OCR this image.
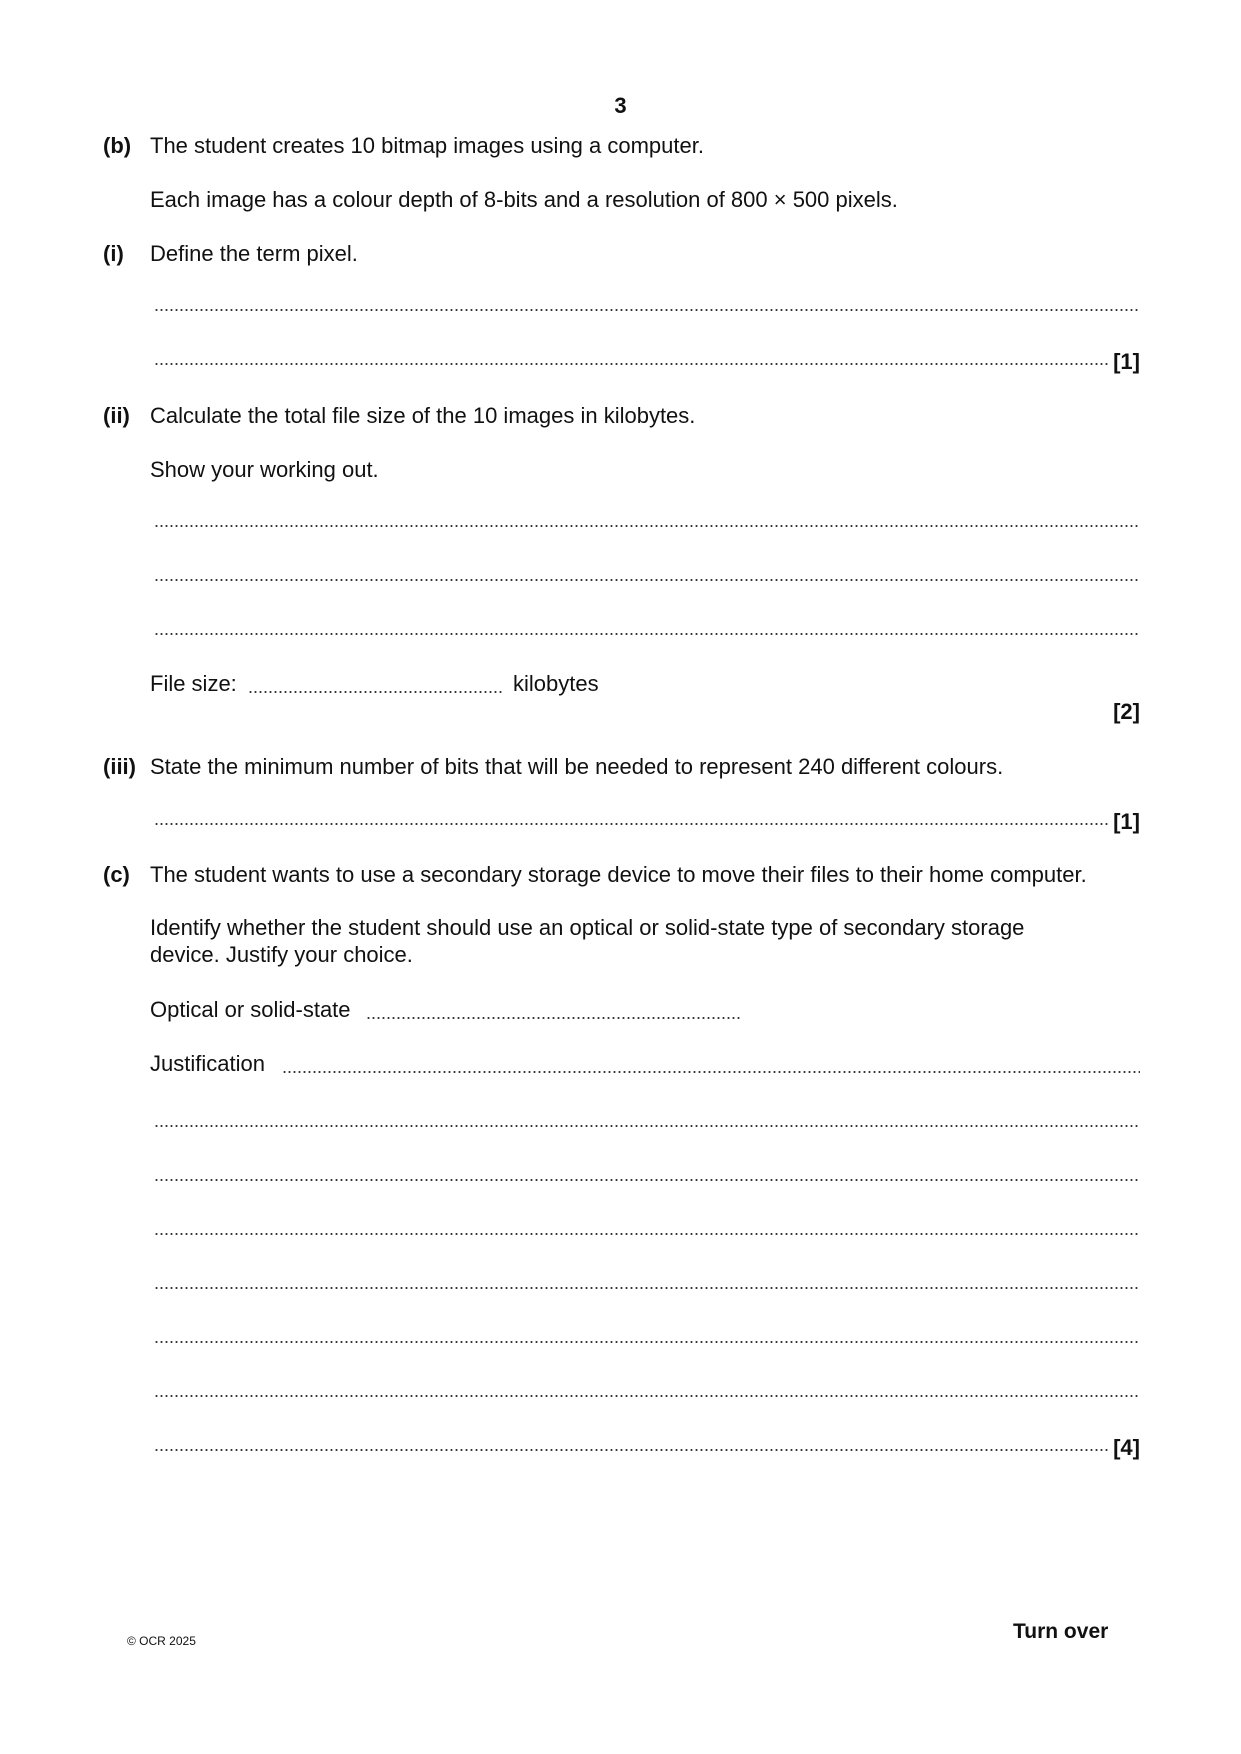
3
(b) The student creates 10 bitmap images using a computer.
Each image has a colour depth of 8-bits and a resolution of 800 × 500 pixels.
(i) Define the term pixel.
[1]
(ii) Calculate the total file size of the 10 images in kilobytes.
Show your working out.
File size:	kilobytes
[2]
(iii) State the minimum number of bits that will be needed to represent 240 different colours.
[1]
(c) The student wants to use a secondary storage device to move their files to their home computer.
Identify whether the student should use an optical or solid-state type of secondary storage
device. Justify your choice.
Optical or solid-state
Justification
[4]
© OCR 2025	Turn over
